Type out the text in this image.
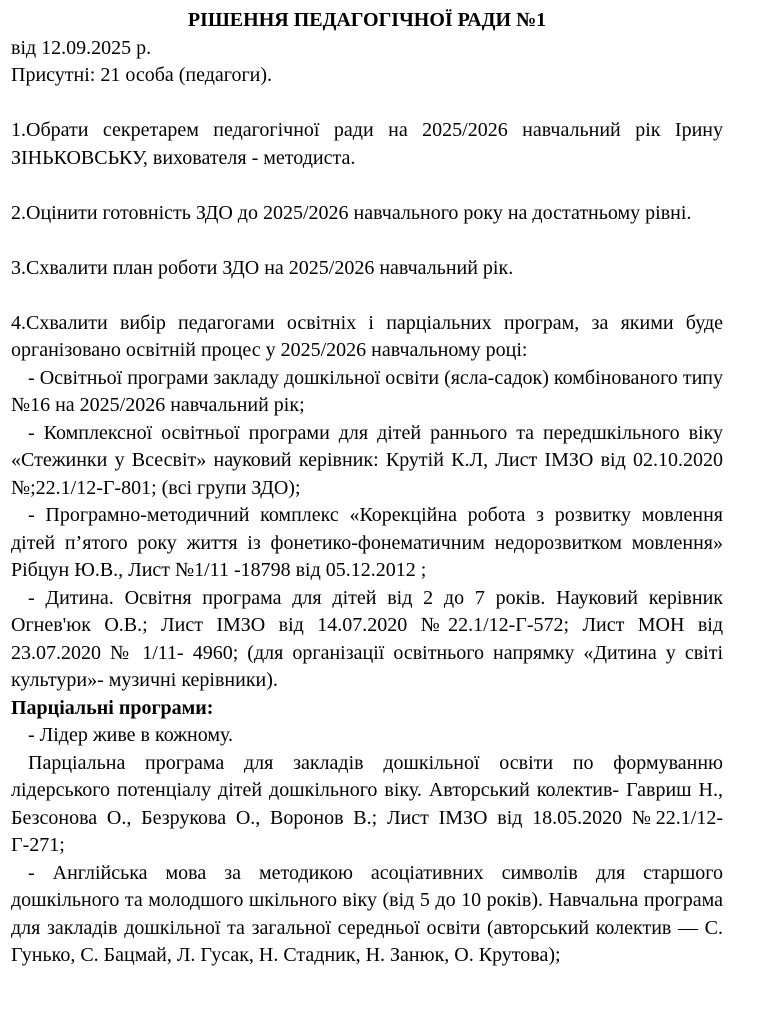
РІШЕННЯ ПЕДАГОГІЧНОЇ РАДИ №1

від 12.09.2025 р.

Присутні: 21 особа (педагоги).

1.Обрати секретарем педагогічної ради на 2025/2026 навчальний рік Ірину ЗІНЬКОВСЬКУ, вихователя - методиста.

2.Оцінити готовність ЗДО до 2025/2026 навчального року на достатньому рівні.

3.Схвалити план роботи ЗДО на 2025/2026 навчальний рік.

4.Схвалити вибір педагогами освітніх і парціальних програм, за якими буде організовано освітній процес у 2025/2026 навчальному році:

- Освітньої програми закладу дошкільної освіти (ясла-садок) комбінованого типу №16 на 2025/2026 навчальний рік;

- Комплексної освітньої програми для дітей раннього та передшкільного віку «Стежинки у Всесвіт» науковий керівник: Крутій К.Л, Лист ІМЗО від 02.10.2020 №;22.1/12-Г-801; (всі групи ЗДО);

- Програмно-методичний комплекс «Корекційна робота з розвитку мовлення дітей п’ятого року життя із фонетико-фонематичним недорозвитком мовлення» Рібцун Ю.В., Лист №1/11 -18798 від 05.12.2012 ;

- Дитина. Освітня програма для дітей від 2 до 7 років. Науковий керівник Огнев'юк О.В.; Лист ІМЗО від 14.07.2020 №22.1/12-Г-572; Лист МОН від 23.07.2020 № 1/11- 4960; (для організації освітнього напрямку «Дитина у світі культури»- музичні керівники).

Парціальні програми:

- Лідер живе в кожному.

Парціальна програма для закладів дошкільної освіти по формуванню лідерського потенціалу дітей дошкільного віку. Авторський колектив- Гавриш Н., Безсонова О., Безрукова О., Воронов В.; Лист ІМЗО від 18.05.2020 №22.1/12-Г-271;

- Англійська мова за методикою асоціативних символів для старшого дошкільного та молодшого шкільного віку (від 5 до 10 років). Навчальна програма для закладів дошкільної та загальної середньої освіти (авторський колектив — С. Гунько, С. Бацмай, Л. Гусак, Н. Стадник, Н. Занюк, О. Крутова);
